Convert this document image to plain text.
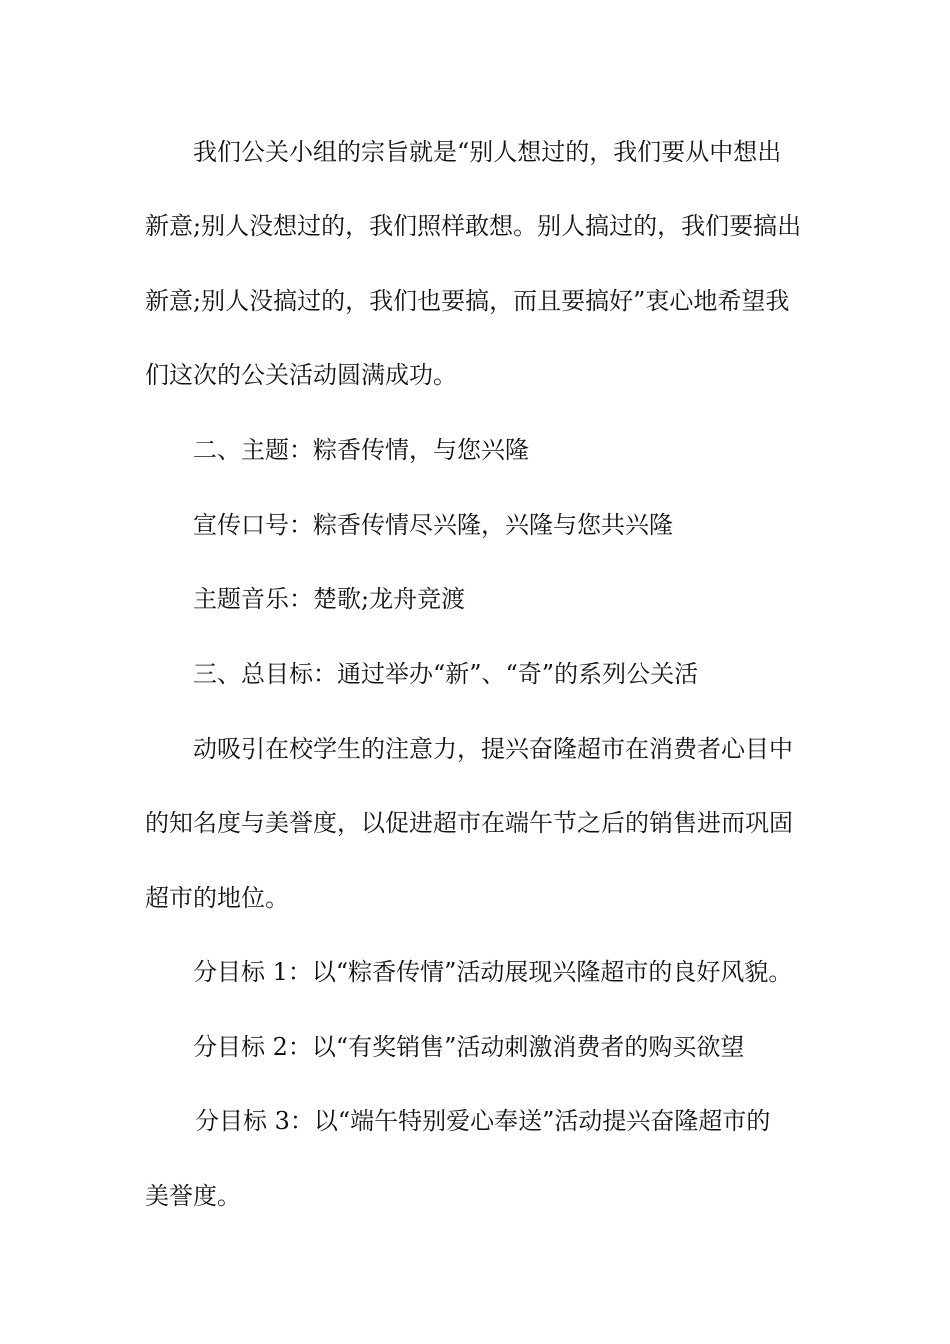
我们公关小组的宗旨就是“别人想过的，我们要从中想出
新意;别人没想过的，我们照样敢想。别人搞过的，我们要搞出
新意;别人没搞过的，我们也要搞，而且要搞好”衷心地希望我
们这次的公关活动圆满成功。
二、主题：粽香传情，与您兴隆
宣传口号：粽香传情尽兴隆，兴隆与您共兴隆
主题音乐：楚歌;龙舟竞渡
三、总目标：通过举办“新”、“奇”的系列公关活
动吸引在校学生的注意力，提兴奋隆超市在消费者心目中
的知名度与美誉度，以促进超市在端午节之后的销售进而巩固
超市的地位。
分目标 1：以“粽香传情”活动展现兴隆超市的良好风貌。
分目标 2：以“有奖销售”活动刺激消费者的购买欲望
分目标 3：以“端午特别爱心奉送”活动提兴奋隆超市的
美誉度。
